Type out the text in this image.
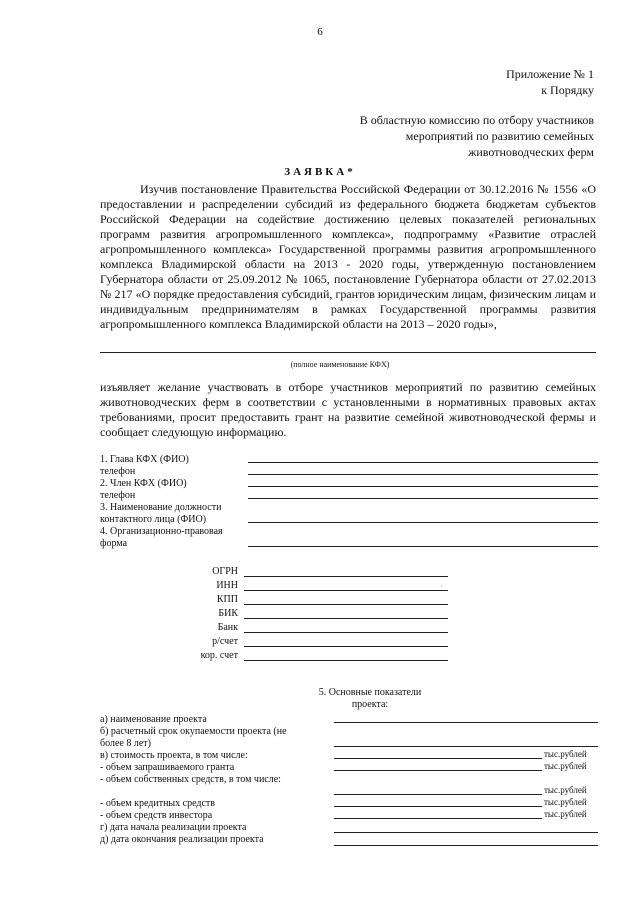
6
Приложение № 1
к Порядку
В областную комиссию по отбору участников
мероприятий по развитию семейных
животноводческих ферм
ЗАЯВКА*
Изучив постановление Правительства Российской Федерации от 30.12.2016 № 1556 «О предоставлении и распределении субсидий из федерального бюджета бюджетам субъектов Российской Федерации на содействие достижению целевых показателей региональных программ развития агропромышленного комплекса», подпрограмму «Развитие отраслей агропромышленного комплекса» Государственной программы развития агропромышленного комплекса Владимирской области на 2013 - 2020 годы, утвержденную постановлением Губернатора области от 25.09.2012 № 1065, постановление Губернатора области от 27.02.2013 № 217 «О порядке предоставления субсидий, грантов юридическим лицам, физическим лицам и индивидуальным предпринимателям в рамках Государственной программы развития агропромышленного комплекса Владимирской области на 2013 – 2020 годы»,
(полное наименование КФХ)
изъявляет желание участвовать в отборе участников мероприятий по развитию семейных животноводческих ферм в соответствии с установленными в нормативных правовых актах требованиями, просит предоставить грант на развитие семейной животноводческой фермы и сообщает следующую информацию.
1. Глава КФХ (ФИО)
телефон
2. Член КФХ (ФИО)
телефон
3. Наименование должности
контактного лица (ФИО)
4. Организационно-правовая
форма
ОГРН
ИНН	·
КПП
БИК
Банк
р/счет
кор. счет
5. Основные показатели
проекта:
а) наименование проекта
б) расчетный срок окупаемости проекта (не
более 8 лет)
в) стоимость проекта, в том числе:	тыс.рублей
- объем запрашиваемого гранта	тыс.рублей
- объем собственных средств, в том числе:
тыс.рублей
- объем кредитных средств	тыс.рублей
- объем средств инвестора	тыс.рублей
г) дата начала реализации проекта
д) дата окончания реализации проекта
